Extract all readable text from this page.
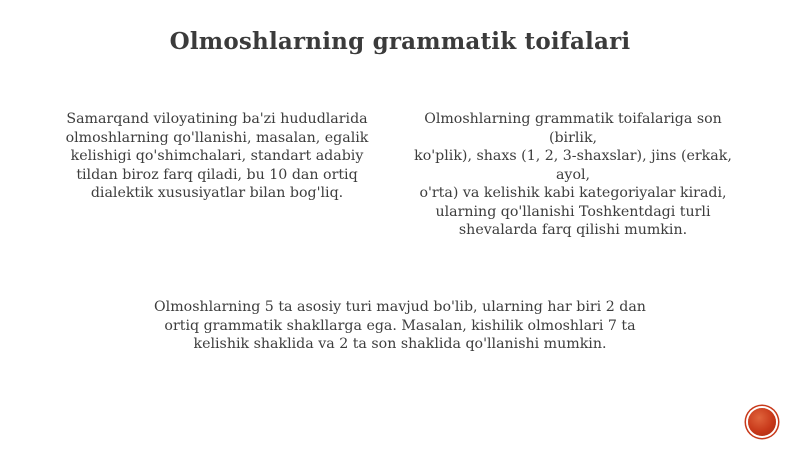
Olmoshlarning grammatik toifalari

Samarqand viloyatining ba'zi hududlarida
olmoshlarning qo'llanishi, masalan, egalik
kelishigi qo'shimchalari, standart adabiy
tildan biroz farq qiladi, bu 10 dan ortiq
dialektik xususiyatlar bilan bog'liq.

Olmoshlarning grammatik toifalariga son (birlik,
ko'plik), shaxs (1, 2, 3-shaxslar), jins (erkak, ayol,
o'rta) va kelishik kabi kategoriyalar kiradi,
ularning qo'llanishi Toshkentdagi turli
shevalarda farq qilishi mumkin.

Olmoshlarning 5 ta asosiy turi mavjud bo'lib, ularning har biri 2 dan
ortiq grammatik shakllarga ega. Masalan, kishilik olmoshlari 7 ta
kelishik shaklida va 2 ta son shaklida qo'llanishi mumkin.
